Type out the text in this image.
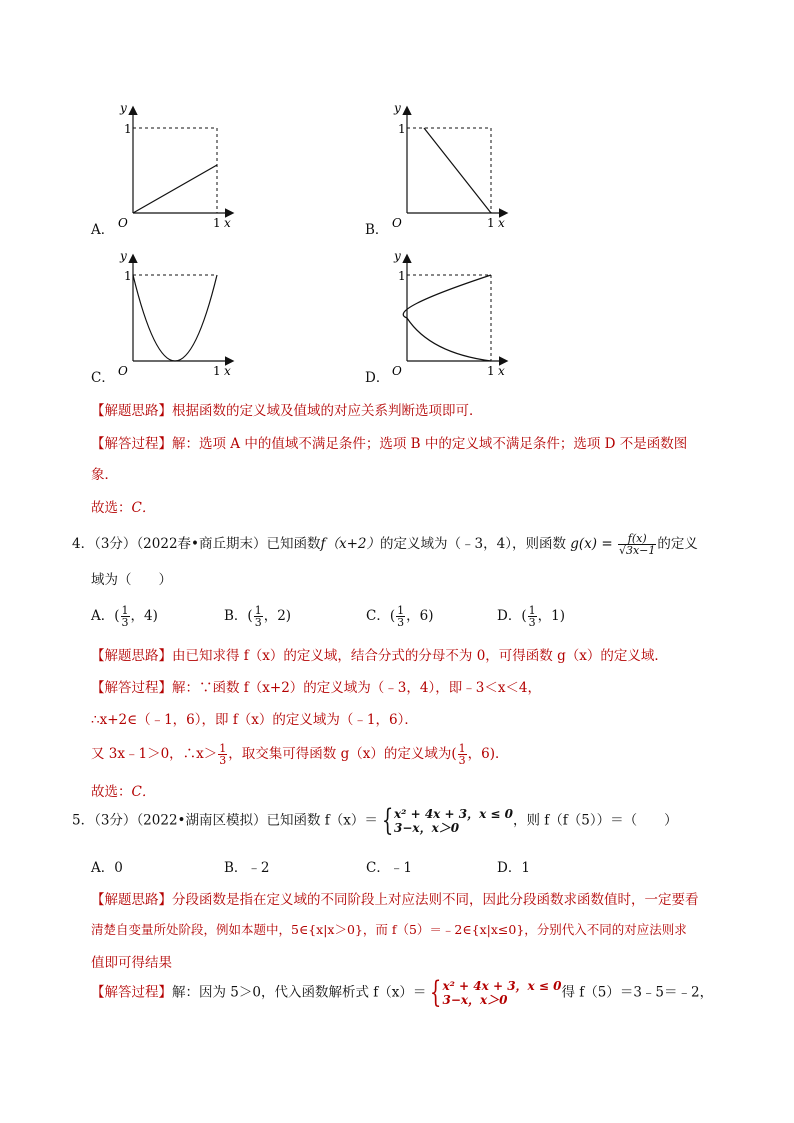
y
1
O	1 x
y
1
O	1 x
y
1
O	1 x
y
1
O	1 x
A．	B．
C．	D．
【解题思路】根据函数的定义域及值域的对应关系判断选项即可．
【解答过程】解：选项 A 中的值域不满足条件；选项 B 中的定义域不满足条件；选项 D 不是函数图
象．
故选：C．
4．（3分）（2022春•商丘期末）已知函数f（x+2）的定义域为（﹣3，4），则函数 $g(x) = \frac{f(x)}{√3x-1}$ 的定义
域为（　　）
A．( $\frac{1}{3}$ ，4)	B．( $\frac{1}{3}$ ，2)	C．( $\frac{1}{3}$ ，6)	D．( $\frac{1}{3}$ ，1)
【解题思路】由已知求得 f（x）的定义域，结合分式的分母不为 0，可得函数 g（x）的定义域．
【解答过程】解：∵函数 f（x+2）的定义域为（﹣3，4），即﹣3＜x＜4，
∴x+2∈（﹣1，6），即 f（x）的定义域为（﹣1，6）．
又 3x﹣1＞0，∴x＞ $\frac{1}{3}$ ，取交集可得函数 g（x）的定义域为( $\frac{1}{3}$ ，6)．
故选：C．
5．（3分）（2022•湖南区模拟）已知函数 f（x）＝ {x² + 4x + 3，x ≤ 0
3−x，x＞0	，则 f（f（5））＝（　　）
A．0	B．﹣2	C．﹣1	D．1
【解题思路】分段函数是指在定义域的不同阶段上对应法则不同，因此分段函数求函数值时，一定要看
清楚自变量所处阶段，例如本题中，5∈{x|x＞0}，而 f（5）＝﹣2∈{x|x≤0}，分别代入不同的对应法则求
值即可得结果
【解答过程】解：因为 5＞0，代入函数解析式 f（x）＝ {x² + 4x + 3，x ≤ 0
3−x，x＞0	得 f（5）＝3﹣5＝﹣2，
